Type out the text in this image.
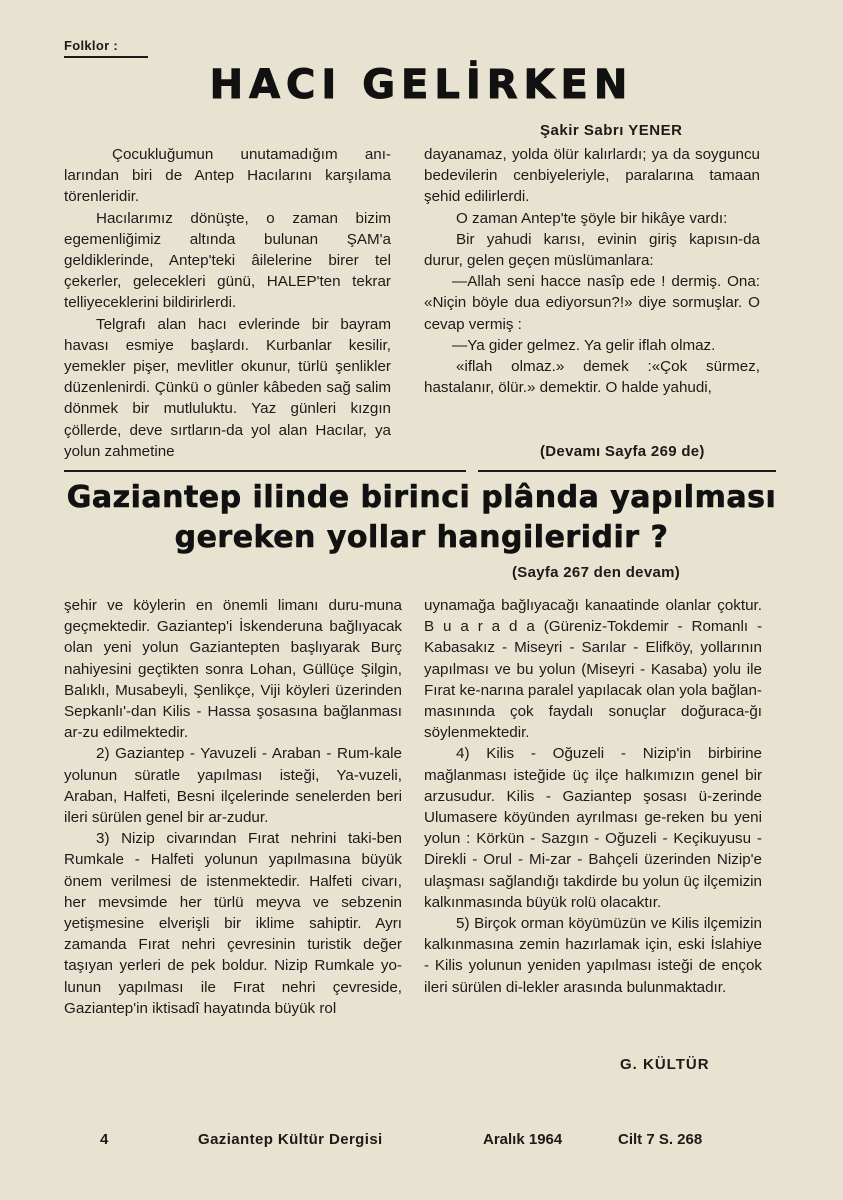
Folklor :
HACI GELİRKEN
Şakir Sabrı YENER

Çocukluğumun unutamadığım anı-larından biri de Antep Hacılarını karşılama törenleridir.

Hacılarımız dönüşte, o zaman bizim egemenliğimiz altında bulunan ŞAM'a geldiklerinde, Antep'teki âilelerine birer tel çekerler, gelecekleri günü, HALEP'ten tekrar telliyeceklerini bildirirlerdi.

Telgrafı alan hacı evlerinde bir bayram havası esmiye başlardı. Kurbanlar kesilir, yemekler pişer, mevlitler okunur, türlü şenlikler düzenlenirdi. Çünkü o günler kâbeden sağ salim dönmek bir mutluluktu. Yaz günleri kızgın çöllerde, deve sırtların-da yol alan Hacılar, ya yolun zahmetine

dayanamaz, yolda ölür kalırlardı; ya da soyguncu bedevilerin cenbiyeleriyle, paralarına tamaan şehid edilirlerdi.

O zaman Antep'te şöyle bir hikâye vardı:

Bir yahudi karısı, evinin giriş kapısın-da durur, gelen geçen müslümanlara:

—Allah seni hacce nasîp ede ! dermiş. Ona: «Niçin böyle dua ediyorsun?!» diye sormuşlar. O cevap vermiş :

—Ya gider gelmez. Ya gelir iflah olmaz.

«iflah olmaz.» demek :«Çok sürmez, hastalanır, ölür.» demektir. O halde yahudi,

(Devamı Sayfa 269 de)
Gaziantep ilinde birinci plânda yapılması
gereken yollar hangileridir ?
(Sayfa 267 den devam)

şehir ve köylerin en önemli limanı duru-muna geçmektedir. Gaziantep'i İskenderuna bağlıyacak olan yeni yolun Gaziantepten başlıyarak Burç nahiyesini geçtikten sonra Lohan, Güllüçe Şilgin, Balıklı, Musabeyli, Şenlikçe, Viji köyleri üzerinden Sepkanlı'-dan Kilis - Hassa şosasına bağlanması ar-zu edilmektedir.

2) Gaziantep - Yavuzeli - Araban - Rum-kale yolunun süratle yapılması isteği, Ya-vuzeli, Araban, Halfeti, Besni ilçelerinde senelerden beri ileri sürülen genel bir ar-zudur.

3) Nizip civarından Fırat nehrini taki-ben Rumkale - Halfeti yolunun yapılmasına büyük önem verilmesi de istenmektedir. Halfeti civarı, her mevsimde her türlü meyva ve sebzenin yetişmesine elverişli bir iklime sahiptir. Ayrı zamanda Fırat nehri çevresinin turistik değer taşıyan yerleri de pek boldur. Nizip Rumkale yo-lunun yapılması ile Fırat nehri çevreside, Gaziantep'in iktisadî hayatında büyük rol

uynamağa bağlıyacağı kanaatinde olanlar çoktur. B u a r a d a (Güreniz-Tokdemir - Romanlı - Kabasakız - Miseyri - Sarılar - Elifköy, yollarının yapılması ve bu yolun (Miseyri - Kasaba) yolu ile Fırat ke-narına paralel yapılacak olan yola bağlan-masınında çok faydalı sonuçlar doğuraca-ğı söylenmektedir.

4) Kilis - Oğuzeli - Nizip'in birbirine mağlanması isteğide üç ilçe halkımızın genel bir arzusudur. Kilis - Gaziantep şosası ü-zerinde Ulumasere köyünden ayrılması ge-reken bu yeni yolun : Körkün - Sazgın - Oğuzeli - Keçikuyusu - Direkli - Orul - Mi-zar - Bahçeli üzerinden Nizip'e ulaşması sağlandığı takdirde bu yolun üç ilçemizin kalkınmasında büyük rolü olacaktır.

5) Birçok orman köyümüzün ve Kilis ilçemizin kalkınmasına zemin hazırlamak için, eski İslahiye - Kilis yolunun yeniden yapılması isteği de ençok ileri sürülen di-lekler arasında bulunmaktadır.

G. KÜLTÜR
4	Gaziantep Kültür Dergisi	Aralık 1964	Cilt 7 S. 268
